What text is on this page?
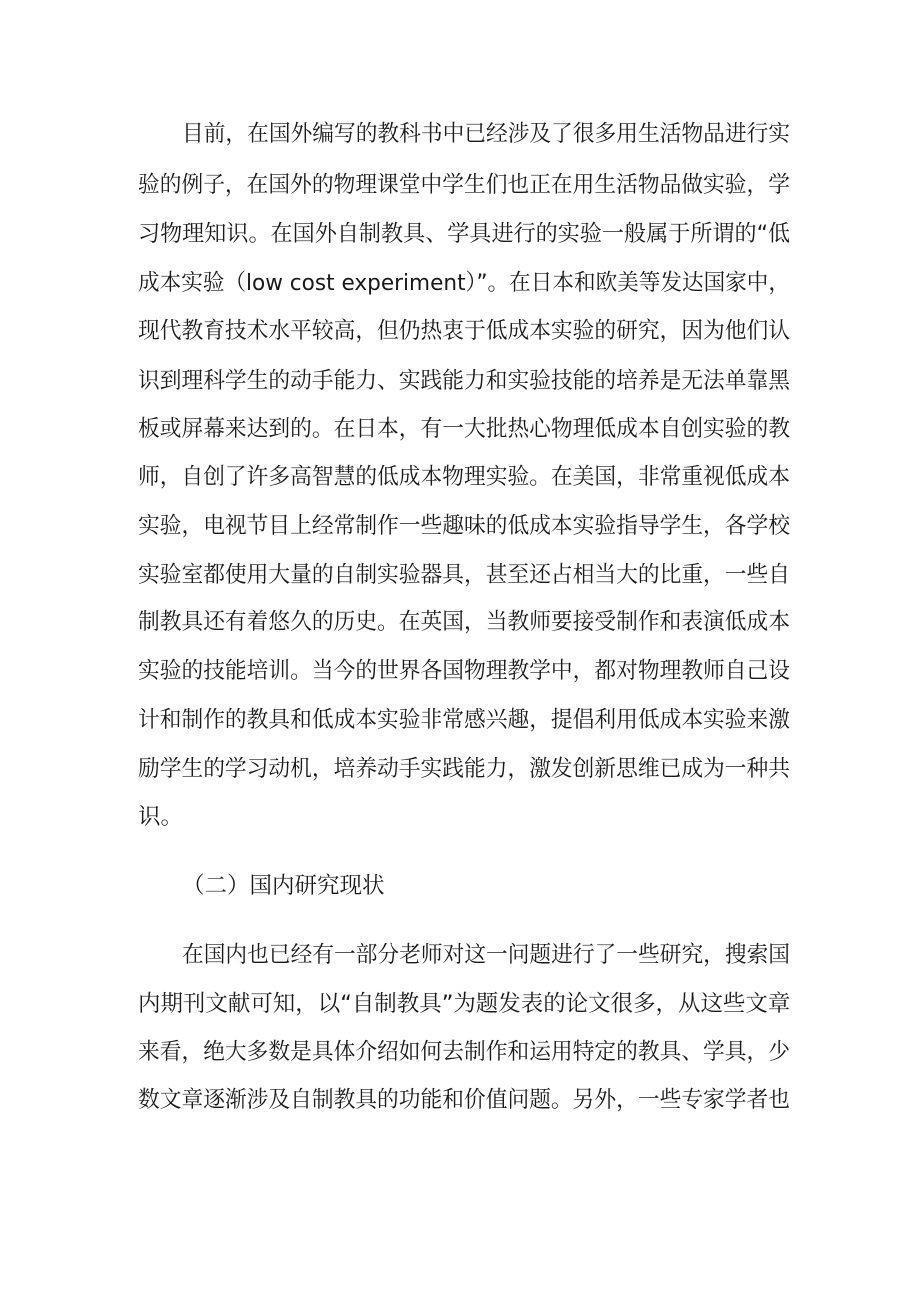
目前，在国外编写的教科书中已经涉及了很多用生活物品进行实
验的例子，在国外的物理课堂中学生们也正在用生活物品做实验，学
习物理知识。在国外自制教具、学具进行的实验一般属于所谓的“低
成本实验（low cost experiment）”。在日本和欧美等发达国家中，
现代教育技术水平较高，但仍热衷于低成本实验的研究，因为他们认
识到理科学生的动手能力、实践能力和实验技能的培养是无法单靠黑
板或屏幕来达到的。在日本，有一大批热心物理低成本自创实验的教
师，自创了许多高智慧的低成本物理实验。在美国，非常重视低成本
实验，电视节目上经常制作一些趣味的低成本实验指导学生，各学校
实验室都使用大量的自制实验器具，甚至还占相当大的比重，一些自
制教具还有着悠久的历史。在英国，当教师要接受制作和表演低成本
实验的技能培训。当今的世界各国物理教学中，都对物理教师自己设
计和制作的教具和低成本实验非常感兴趣，提倡利用低成本实验来激
励学生的学习动机，培养动手实践能力，激发创新思维已成为一种共
识。
（二）国内研究现状
在国内也已经有一部分老师对这一问题进行了一些研究，搜索国
内期刊文献可知，以“自制教具”为题发表的论文很多，从这些文章
来看，绝大多数是具体介绍如何去制作和运用特定的教具、学具，少
数文章逐渐涉及自制教具的功能和价值问题。另外，一些专家学者也
